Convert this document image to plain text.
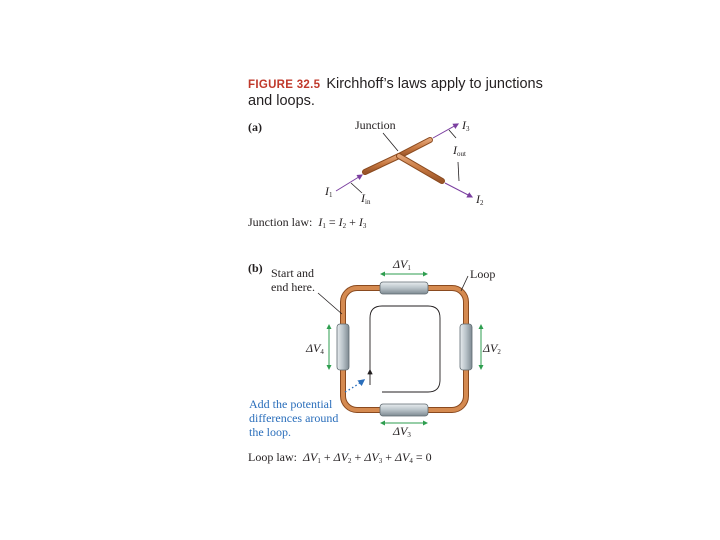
FIGURE 32.5 Kirchhoff’s laws apply to junctions and loops.
(a)	Junction	$I_3$
$I_{out}$
$I_1$ $I_{in}$	$I_2$
Junction law: $I_1 = I_2 + I_3$
(b) Start and
end here.
Loop
$\Delta V_1$
$\Delta V_2$
$\Delta V_3$
$\Delta V_4$
Add the potential
differences around
the loop.
Loop law: $\Delta V_1 + \Delta V_2 + \Delta V_3 + \Delta V_4 = 0$
